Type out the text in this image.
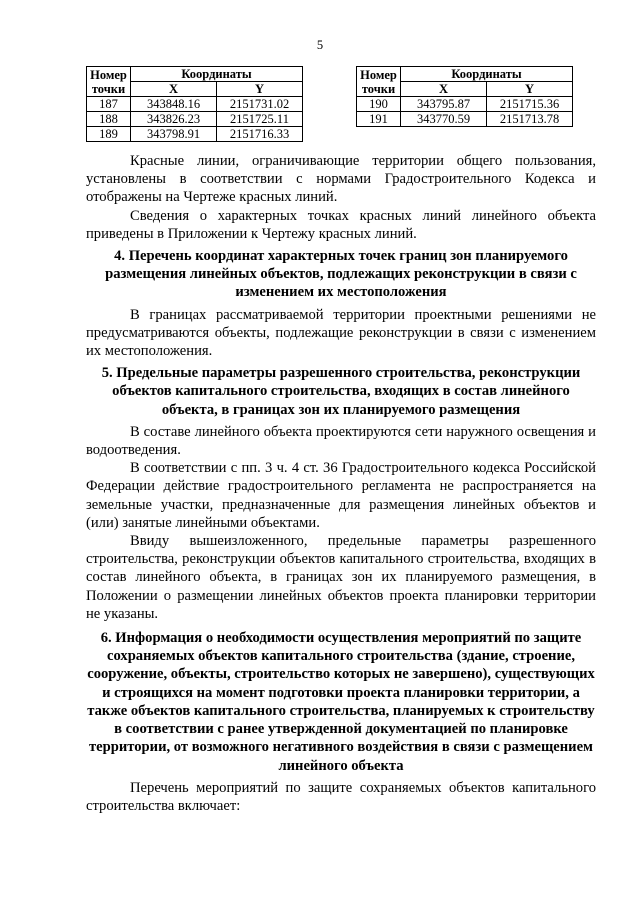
5
Номер
точки	Координаты	
	X	Y
187	343848.16	2151731.02
188	343826.23	2151725.11
189	343798.91	2151716.33
Номер
точки	Координаты	
	X	Y
190	343795.87	2151715.36
191	343770.59	2151713.78

Красные линии, ограничивающие территории общего пользования, установлены в соответствии с нормами Градостроительного Кодекса и отображены на Чертеже красных линий.

Сведения о характерных точках красных линий линейного объекта приведены в Приложении к Чертежу красных линий.

4. Перечень координат характерных точек границ зон планируемого размещения линейных объектов, подлежащих реконструкции в связи с изменением их местоположения

В границах рассматриваемой территории проектными решениями не предусматриваются объекты, подлежащие реконструкции в связи с изменением их местоположения.

5. Предельные параметры разрешенного строительства, реконструкции объектов капитального строительства, входящих в состав линейного объекта, в границах зон их планируемого размещения

В составе линейного объекта проектируются сети наружного освещения и водоотведения.

В соответствии с пп. 3 ч. 4 ст. 36 Градостроительного кодекса Российской Федерации действие градостроительного регламента не распространяется на земельные участки, предназначенные для размещения линейных объектов и (или) занятые линейными объектами.

Ввиду вышеизложенного, предельные параметры разрешенного строительства, реконструкции объектов капитального строительства, входящих в состав линейного объекта, в границах зон их планируемого размещения, в Положении о размещении линейных объектов проекта планировки территории не указаны.

6. Информация о необходимости осуществления мероприятий по защите сохраняемых объектов капитального строительства (здание, строение, сооружение, объекты, строительство которых не завершено), существующих и строящихся на момент подготовки проекта планировки территории, а также объектов капитального строительства, планируемых к строительству в соответствии с ранее утвержденной документацией по планировке территории, от возможного негативного воздействия в связи с размещением линейного объекта

Перечень мероприятий по защите сохраняемых объектов капитального строительства включает:
